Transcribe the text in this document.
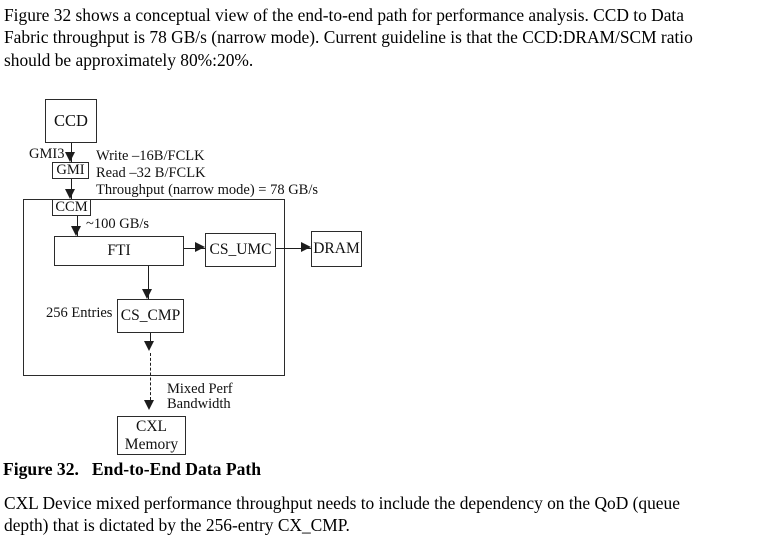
Figure 32 shows a conceptual view of the end-to-end path for performance analysis. CCD to Data
Fabric throughput is 78 GB/s (narrow mode). Current guideline is that the CCD:DRAM/SCM ratio
should be approximately 80%:20%.
CCD
GMI3
GMI
Write –16B/FCLK
Read –32 B/FCLK
Throughput (narrow mode) = 78 GB/s
CCM
~100 GB/s
FTI	CS_UMC	DRAM
256 Entries CS_CMP
Mixed Perf
Bandwidth
CXL
Memory
Figure 32. End-to-End Data Path
CXL Device mixed performance throughput needs to include the dependency on the QoD (queue
depth) that is dictated by the 256-entry CX_CMP.
